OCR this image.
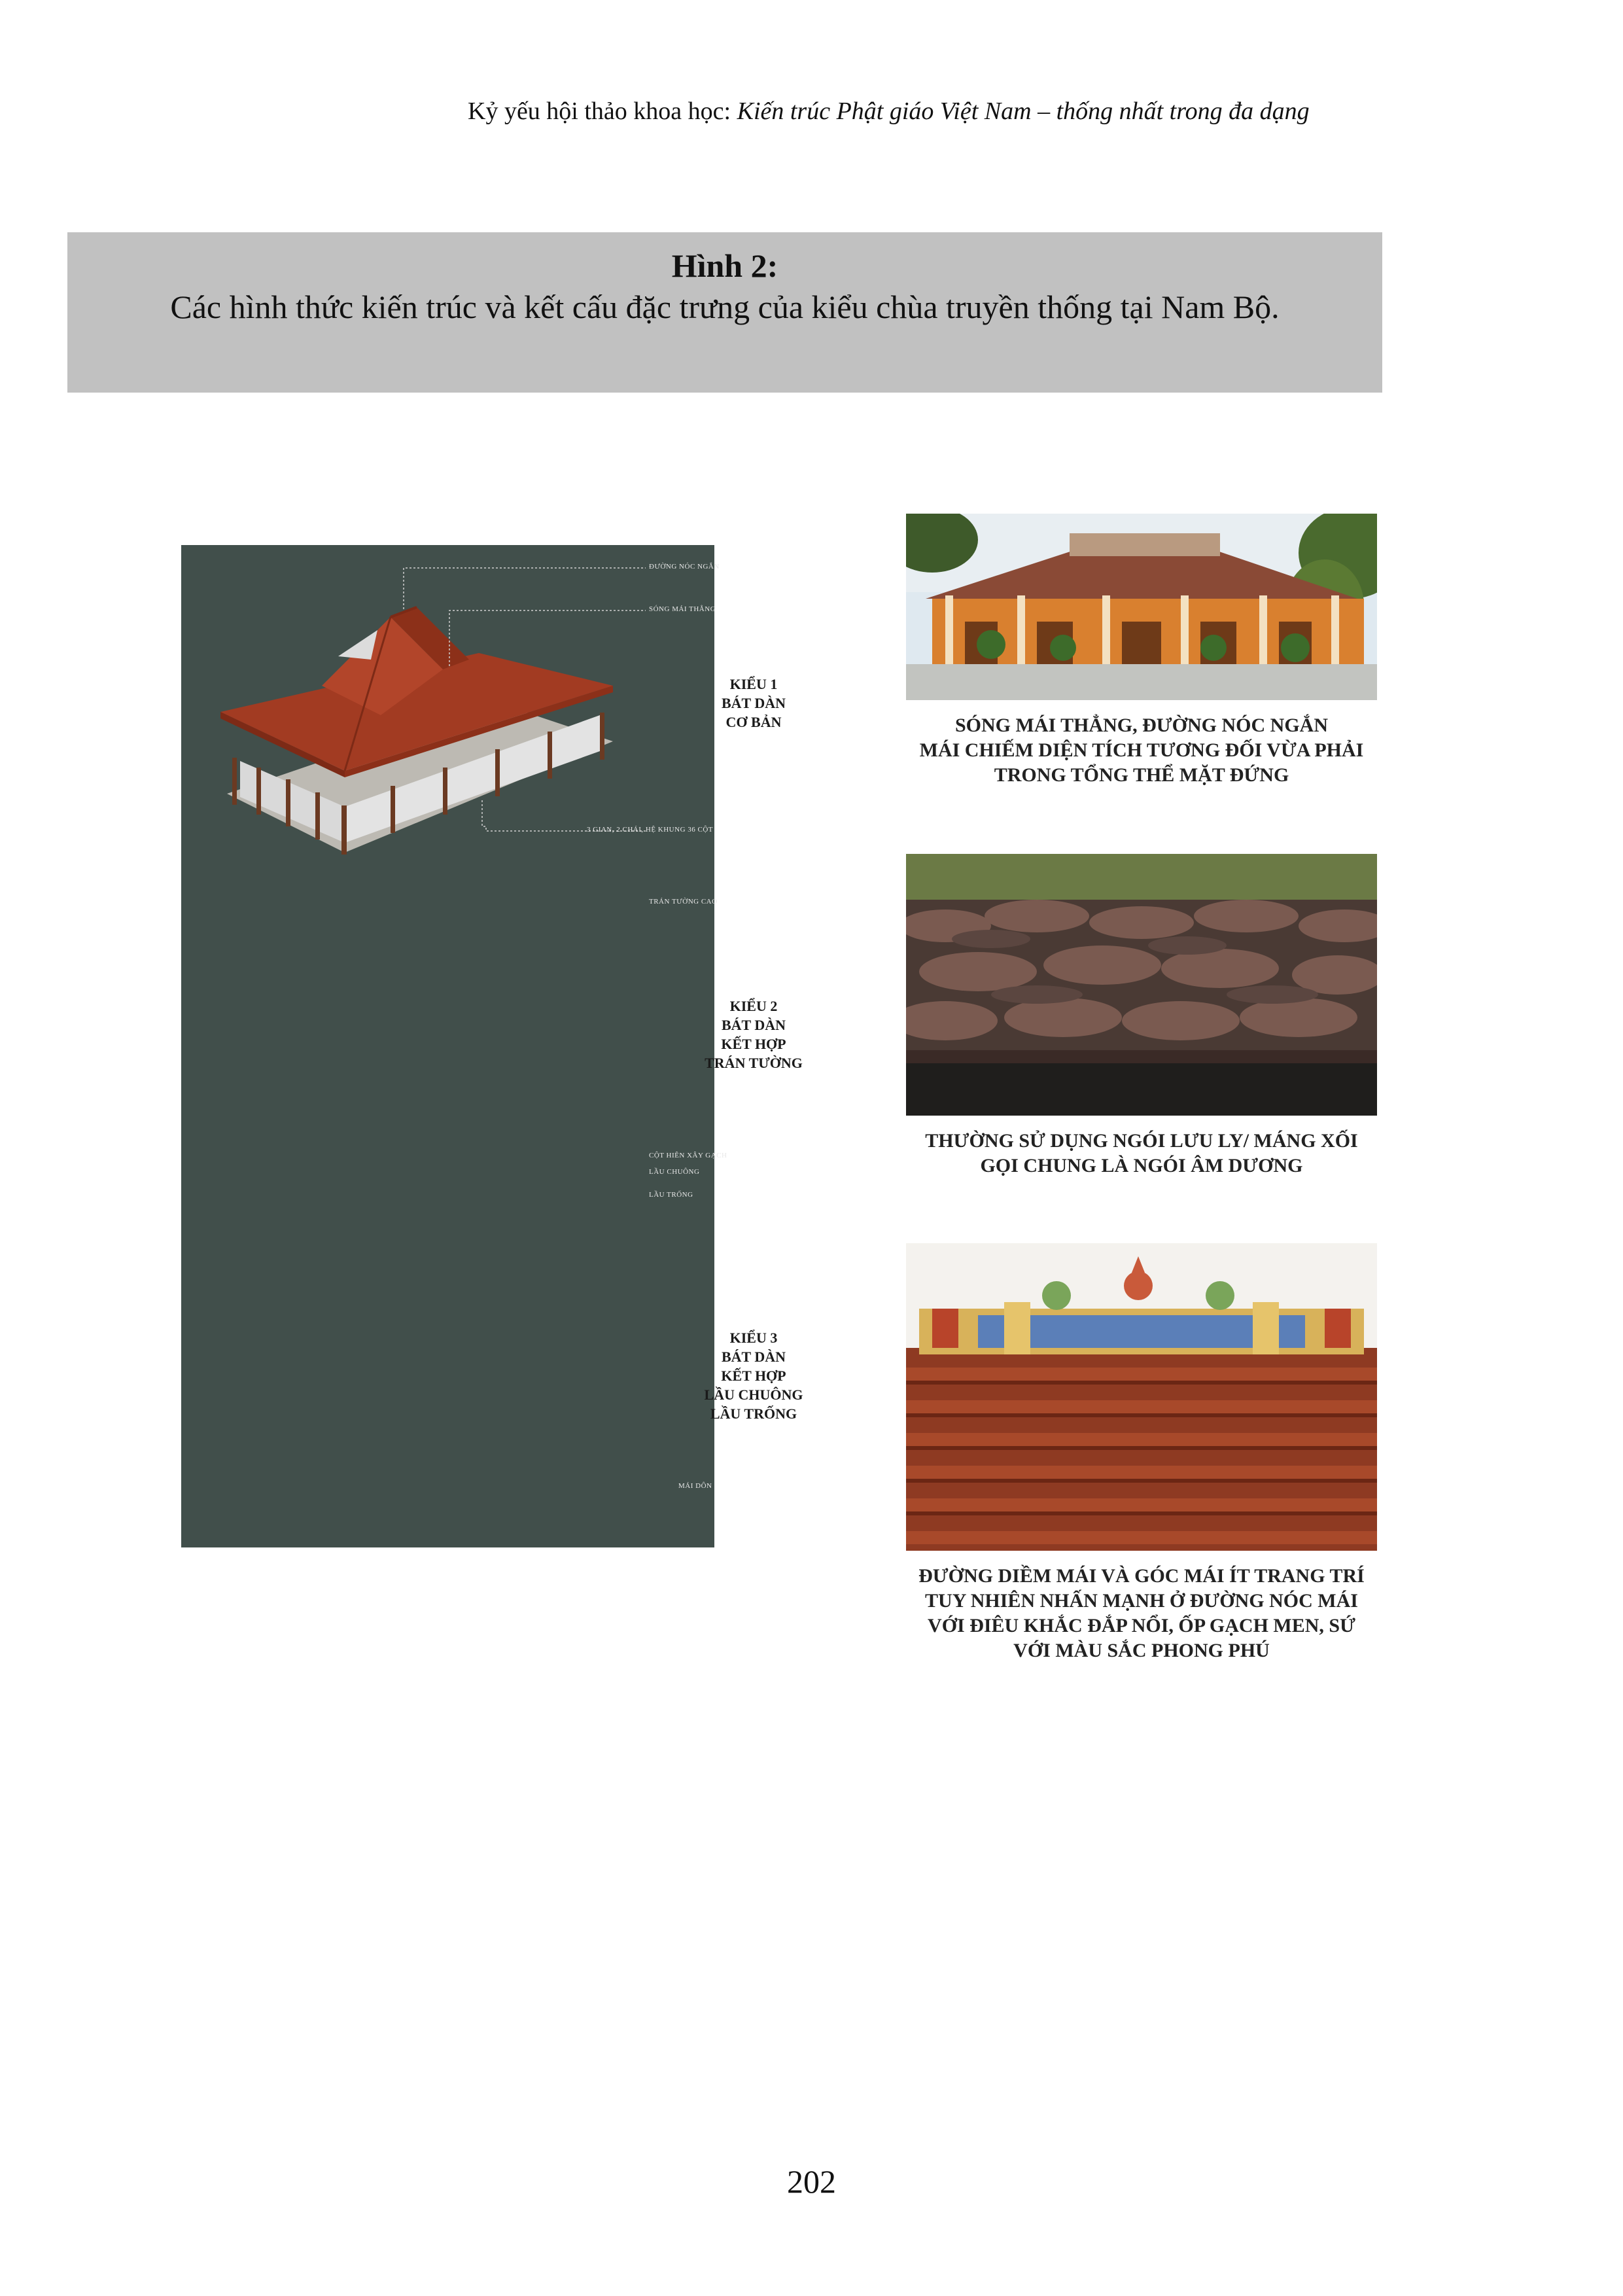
Kỷ yếu hội thảo khoa học: Kiến trúc Phật giáo Việt Nam – thống nhất trong đa dạng
Hình 2:
Các hình thức kiến trúc và kết cấu đặc trưng của kiểu chùa truyền thống tại Nam Bộ.
ĐƯỜNG NÓC NGẮN
SÓNG MÁI THẲNG
3 GIAN, 2 CHÁI, HỆ KHUNG 36 CỘT
TRÁN TƯỜNG CAO
CỘT HIÊN XÂY GẠCH
LẦU CHUÔNG
LẦU TRỐNG
MÁI DÔN
KIỂU 1
BÁT DÀN
CƠ BẢN
KIỂU 2
BÁT DÀN
KẾT HỢP
TRÁN TƯỜNG
KIỂU 3
BÁT DÀN
KẾT HỢP
LẦU CHUÔNG
LẦU TRỐNG
SÓNG MÁI THẲNG, ĐƯỜNG NÓC NGẮN
MÁI CHIẾM DIỆN TÍCH TƯƠNG ĐỐI VỪA PHẢI
TRONG TỔNG THỂ MẶT ĐỨNG
THƯỜNG SỬ DỤNG NGÓI LƯU LY/ MÁNG XỐI
GỌI CHUNG LÀ NGÓI ÂM DƯƠNG
ĐƯỜNG DIỀM MÁI VÀ GÓC MÁI ÍT TRANG TRÍ
TUY NHIÊN NHẤN MẠNH Ở ĐƯỜNG NÓC MÁI
VỚI ĐIÊU KHẮC ĐẮP NỔI, ỐP GẠCH MEN, SỨ
VỚI MÀU SẮC PHONG PHÚ
202
